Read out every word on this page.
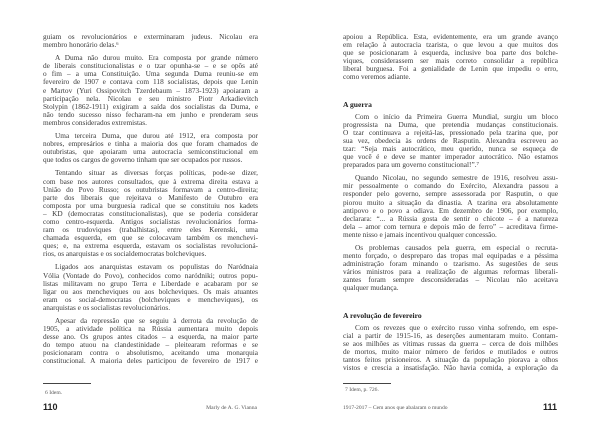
guiam os revolucionários e exterminaram judeus. Nicolau era
membro honorário delas.⁶
A Duma não durou muito. Era composta por grande número
de liberais constitucionalistas e o tzar opunha-se – e se opôs até
o fim – a uma Constituição. Uma segunda Duma reuniu-se em
fevereiro de 1907 e contava com 118 socialistas, depois que Lenin
e Martov (Yuri Ossipovitch Tzerdebaum – 1873-1923) apoiaram a
participação nela. Nicolau e seu ministro Piotr Arkadievitch
Stolypin (1862-1911) exigiram a saída dos socialistas da Duma, e
não tendo sucesso nisso fecharam-na em junho e prenderam seus
membros considerados extremistas.
Uma terceira Duma, que durou até 1912, era composta por
nobres, empresários e tinha a maioria dos que foram chamados de
outubristas, que apoiaram uma autocracia semiconstitucional em
que todos os cargos de governo tinham que ser ocupados por russos.
Tentando situar as diversas forças políticas, pode-se dizer,
com base nos autores consultados, que à extrema direita estava a
União do Povo Russo; os outubristas formavam a centro-direita;
parte dos liberais que rejeitava o Manifesto de Outubro era
composta por uma burguesia radical que se constituiu nos kadets
– KD (democratas constitucionalistas), que se poderia considerar
como centro-esquerda. Antigos socialistas revolucionários forma-
ram os trudoviques (trabalhistas), entre eles Kerenski, uma
chamada esquerda, em que se colocavam também os menchevi-
ques; e, na extrema esquerda, estavam os socialistas revolucioná-
rios, os anarquistas e os socialdemocratas bolcheviques.
Ligados aos anarquistas estavam os populistas do Naródnaia
Vólia (Vontade do Povo), conhecidos como naródniki; outros popu-
listas militavam no grupo Terra e Liberdade e acabaram por se
ligar ou aos mencheviques ou aos bolcheviques. Os mais atuantes
eram os social-democratas (bolcheviques e mencheviques), os
anarquistas e os socialistas revolucionários.
Apesar da repressão que se seguiu à derrota da revolução de
1905, a atividade política na Rússia aumentara muito depois
desse ano. Os grupos antes citados – a esquerda, na maior parte
do tempo atuou na clandestinidade – pleitearam reformas e se
posicionaram contra o absolutismo, aceitando uma monarquia
constitucional. A maioria deles participou de fevereiro de 1917 e
apoiou a República. Esta, evidentemente, era um grande avanço
em relação à autocracia tzarista, o que levou a que muitos dos
que se posicionaram à esquerda, inclusive boa parte dos bolche-
viques, considerassem ser mais correto consolidar a república
liberal burguesa. Foi a genialidade de Lenin que impediu o erro,
como veremos adiante.
A guerra
Com o início da Primeira Guerra Mundial, surgiu um bloco
progressista na Duma, que pretendia mudanças constitucionais.
O tzar continuava a rejeitá-las, pressionado pela tzarina que, por
sua vez, obedecia às ordens de Rasputin. Alexandra escreveu ao
tzar: “Seja mais autocrático, meu querido, nunca se esqueça de
que você é e deve se manter imperador autocrático. Não estamos
preparados para um governo constitucional!”.⁷
Quando Nicolau, no segundo semestre de 1916, resolveu assu-
mir pessoalmente o comando do Exército, Alexandra passou a
responder pelo governo, sempre assessorada por Rasputin, o que
piorou muito a situação da dinastia. A tzarina era absolutamente
antipovo e o povo a odiava. Em dezembro de 1906, por exemplo,
declarara: “... a Rússia gosta de sentir o chicote – é a natureza
dela – amor com ternura e depois mão de ferro” – acreditava firme-
mente nisso e jamais incentivou qualquer concessão.
Os problemas causados pela guerra, em especial o recruta-
mento forçado, o despreparo das tropas mal equipadas e a péssima
administração foram minando o tzarismo. As sugestões de seus
vários ministros para a realização de algumas reformas liberali-
zantes foram sempre desconsideradas – Nicolau não aceitava
qualquer mudança.
A revolução de fevereiro
Com os revezes que o exército russo vinha sofrendo, em espe-
cial a partir de 1915-16, as deserções aumentaram muito. Contam-
se aos milhões as vítimas russas da guerra – cerca de dois milhões
de mortos, muito maior número de feridos e mutilados e outros
tantos feitos prisioneiros. A situação da população piorava a olhos
vistos e crescia a insatisfação. Não havia comida, a exploração da
6 Idem.
110	Marly de A. G. Vianna
7 Idem, p. 726.
1917-2017 – Cem anos que abalaram o mundo	111
